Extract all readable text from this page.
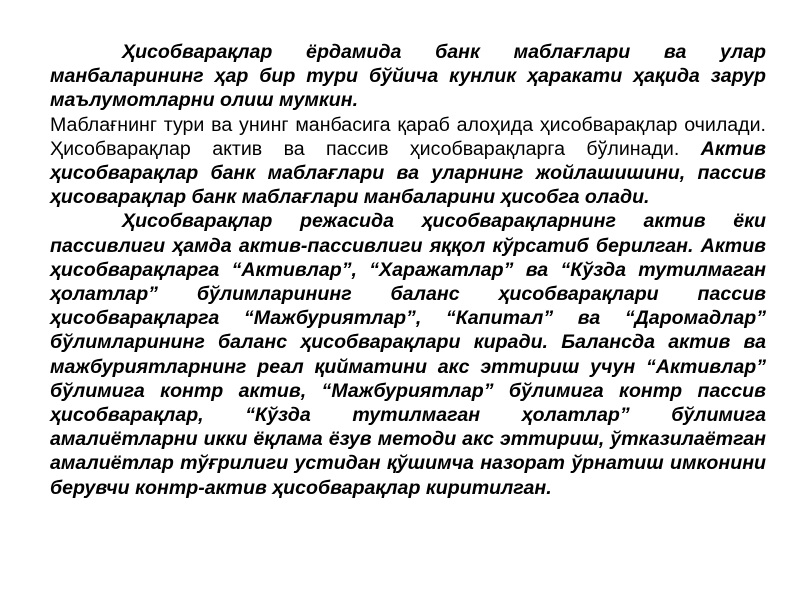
Ҳисобварақлар ёрдамида банк маблағлари ва улар манбаларининг ҳар бир тури бўйича кунлик ҳаракати ҳақида зарур маълумотларни олиш мумкин.

Маблағнинг тури ва унинг манбасига қараб алоҳида ҳисобварақлар очилади. Ҳисобварақлар актив ва пассив ҳисобварақларга бўлинади. Актив ҳисобварақлар банк маблағлари ва уларнинг жойлашишини, пассив ҳисоварақлар банк маблағлари манбаларини ҳисобга олади.

Ҳисобварақлар режасида ҳисобварақларнинг актив ёки пассивлиги ҳамда актив-пассивлиги яққол кўрсатиб берилган. Актив ҳисобварақларга “Активлар”, “Харажатлар” ва “Кўзда тутилмаган ҳолатлар” бўлимларининг баланс ҳисобварақлари пассив ҳисобварақларга “Мажбуриятлар”, “Капитал” ва “Даромадлар” бўлимларининг баланс ҳисобварақлари киради. Балансда актив ва мажбуриятларнинг реал қийматини акс эттириш учун “Активлар” бўлимига контр актив, “Мажбуриятлар” бўлимига контр пассив ҳисобварақлар, “Кўзда тутилмаган ҳолатлар” бўлимига амалиётларни икки ёқлама ёзув методи акс эттириш, ўтказилаётган амалиётлар тўғрилиги устидан қўшимча назорат ўрнатиш имконини берувчи контр-актив ҳисобварақлар киритилган.
